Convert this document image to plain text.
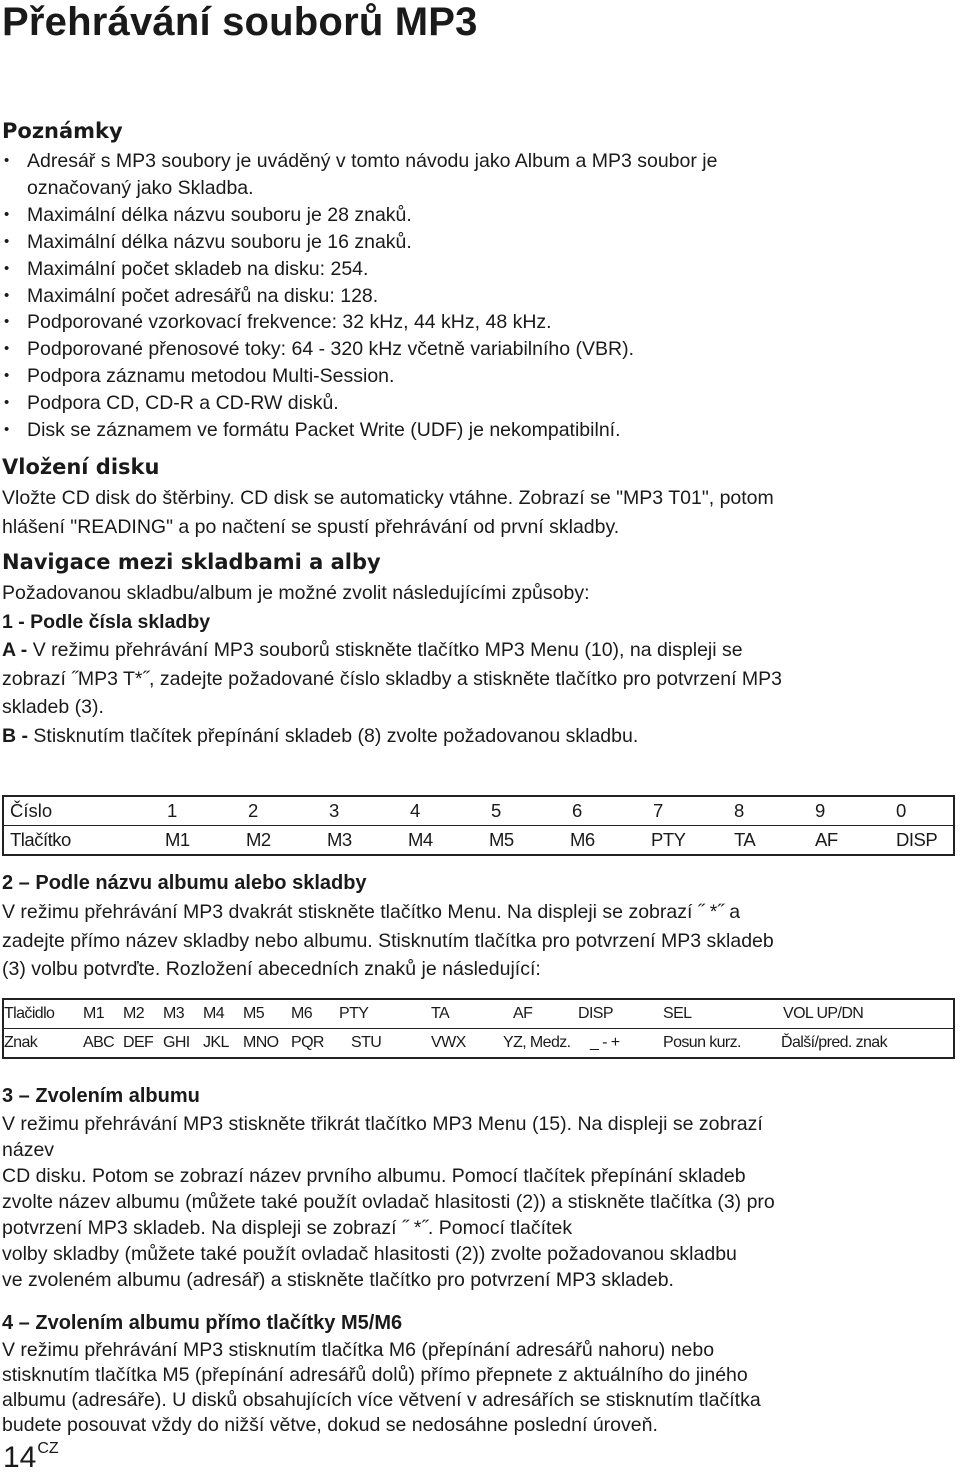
Přehrávání souborů MP3
Poznámky
• Adresář s MP3 soubory je uváděný v tomto návodu jako Album a MP3 soubor je
označovaný jako Skladba.
• Maximální délka názvu souboru je 28 znaků.
• Maximální délka názvu souboru je 16 znaků.
• Maximální počet skladeb na disku: 254.
• Maximální počet adresářů na disku: 128.
• Podporované vzorkovací frekvence: 32 kHz, 44 kHz, 48 kHz.
• Podporované přenosové toky: 64 - 320 kHz včetně variabilního (VBR).
• Podpora záznamu metodou Multi-Session.
• Podpora CD, CD-R a CD-RW disků.
• Disk se záznamem ve formátu Packet Write (UDF) je nekompatibilní.
Vložení disku
Vložte CD disk do štěrbiny. CD disk se automaticky vtáhne. Zobrazí se "MP3 T01", potom
hlášení "READING" a po načtení se spustí přehrávání od první skladby.
Navigace mezi skladbami a alby
Požadovanou skladbu/album je možné zvolit následujícími způsoby:
1 - Podle čísla skladby
A - V režimu přehrávání MP3 souborů stiskněte tlačítko MP3 Menu (10), na displeji se
zobrazí ˝MP3 T*˝, zadejte požadované číslo skladby a stiskněte tlačítko pro potvrzení MP3
skladeb (3).
B - Stisknutím tlačítek přepínání skladeb (8) zvolte požadovanou skladbu.
Číslo	1	2	3	4	5	6	7	8	9	0
Tlačítko	M1	M2	M3	M4	M5	M6	PTY	TA	AF	DISP
2 – Podle názvu albumu alebo skladby
V režimu přehrávání MP3 dvakrát stiskněte tlačítko Menu. Na displeji se zobrazí ˝ *˝ a
zadejte přímo název skladby nebo albumu. Stisknutím tlačítka pro potvrzení MP3 skladeb
(3) volbu potvrďte. Rozložení abecedních znaků je následující:
Tlačidlo	M1	M2	M3	M4	M5	M6	PTY	TA	AF	DISP	SEL	VOL UP/DN
Znak	ABC	DEF	GHI	JKL	MNO	PQR	STU	VWX	YZ, Medz.	_ - +	Posun kurz.	Ďalší/pred. znak
3 – Zvolením albumu
V režimu přehrávání MP3 stiskněte třikrát tlačítko MP3 Menu (15). Na displeji se zobrazí
název
CD disku. Potom se zobrazí název prvního albumu. Pomocí tlačítek přepínání skladeb
zvolte název albumu (můžete také použít ovladač hlasitosti (2)) a stiskněte tlačítka (3) pro
potvrzení MP3 skladeb. Na displeji se zobrazí ˝ *˝. Pomocí tlačítek
volby skladby (můžete také použít ovladač hlasitosti (2)) zvolte požadovanou skladbu
ve zvoleném albumu (adresář) a stiskněte tlačítko pro potvrzení MP3 skladeb.
4 – Zvolením albumu přímo tlačítky M5/M6
V režimu přehrávání MP3 stisknutím tlačítka M6 (přepínání adresářů nahoru) nebo
stisknutím tlačítka M5 (přepínání adresářů dolů) přímo přepnete z aktuálního do jiného
albumu (adresáře). U disků obsahujících více větvení v adresářích se stisknutím tlačítka
budete posouvat vždy do nižší větve, dokud se nedosáhne poslední úroveň.
$14^{CZ}$
